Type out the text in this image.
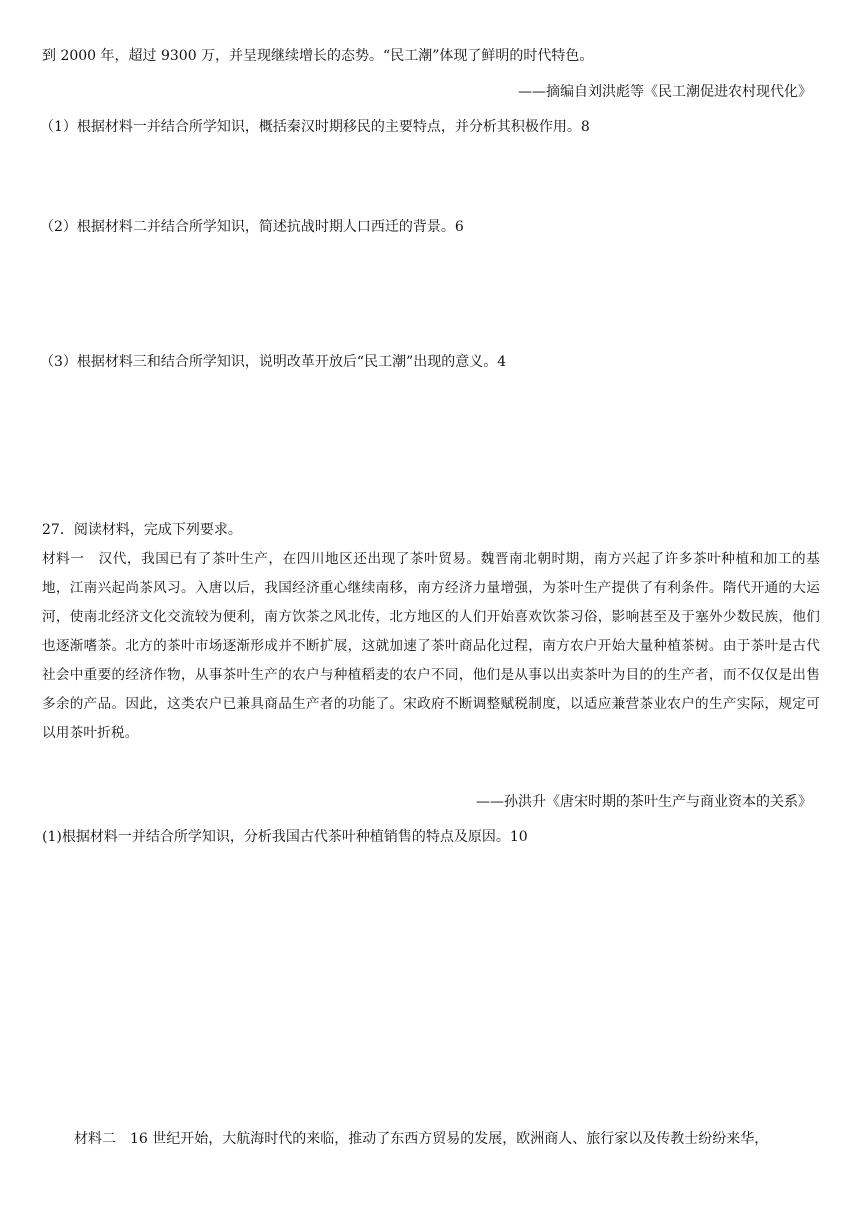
到 2000 年，超过 9300 万，并呈现继续增长的态势。“民工潮”体现了鲜明的时代特色。
——摘编自刘洪彪等《民工潮促进农村现代化》
（1）根据材料一并结合所学知识，概括秦汉时期移民的主要特点，并分析其积极作用。8
（2）根据材料二并结合所学知识，简述抗战时期人口西迁的背景。6
（3）根据材料三和结合所学知识，说明改革开放后“民工潮”出现的意义。4
27．阅读材料，完成下列要求。
材料一　汉代，我国已有了茶叶生产，在四川地区还出现了茶叶贸易。魏晋南北朝时期，南方兴起了许多茶叶种植和加工的基地，江南兴起尚茶风习。入唐以后，我国经济重心继续南移，南方经济力量增强，为茶叶生产提供了有利条件。隋代开通的大运河，使南北经济文化交流较为便利，南方饮茶之风北传，北方地区的人们开始喜欢饮茶习俗，影响甚至及于塞外少数民族，他们也逐渐嗜茶。北方的茶叶市场逐渐形成并不断扩展，这就加速了茶叶商品化过程，南方农户开始大量种植茶树。由于茶叶是古代社会中重要的经济作物，从事茶叶生产的农户与种植稻麦的农户不同，他们是从事以出卖茶叶为目的的生产者，而不仅仅是出售多余的产品。因此，这类农户已兼具商品生产者的功能了。宋政府不断调整赋税制度，以适应兼营茶业农户的生产实际，规定可以用茶叶折税。
——孙洪升《唐宋时期的茶叶生产与商业资本的关系》
(1)根据材料一并结合所学知识，分析我国古代茶叶种植销售的特点及原因。10
材料二　16 世纪开始，大航海时代的来临，推动了东西方贸易的发展，欧洲商人、旅行家以及传教士纷纷来华，
